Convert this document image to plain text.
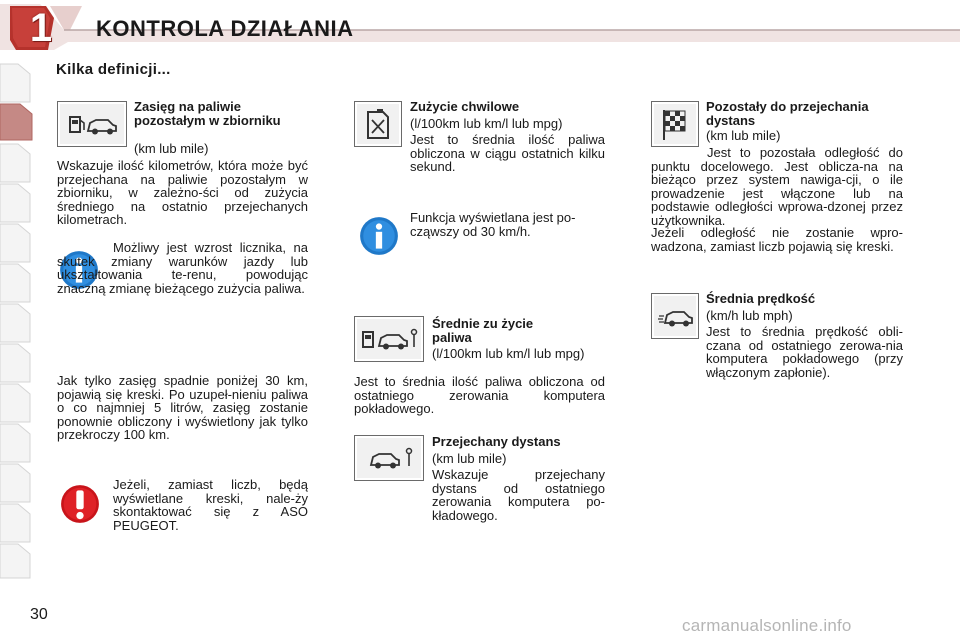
1 KONTROLA DZIAŁANIA
Kilka definicji...
Zasięg na paliwie pozostałym w zbiorniku
(km lub mile)
Wskazuje ilość kilometrów, która może być przejechana na paliwie pozostałym w zbiorniku, w zależno-ści od zużycia średniego na ostatnio przejechanych kilometrach.
Możliwy jest wzrost licznika, na skutek zmiany warunków jazdy lub ukształtowania te-renu, powodując znaczną zmianę bieżącego zużycia paliwa.
Jak tylko zasięg spadnie poniżej 30 km, pojawią się kreski. Po uzupeł-nieniu paliwa o co najmniej 5 litrów, zasięg zostanie ponownie obliczony i wyświetlony jak tylko przekroczy 100 km.
Jeżeli, zamiast liczb, będą wyświetlane kreski, nale-ży skontaktować się z ASO PEUGEOT.
Zużycie chwilowe
(l/100km lub km/l lub mpg)
Jest to średnia ilość paliwa obliczona w ciągu ostatnich kilku sekund.
Funkcja wyświetlana jest po-cząwszy od 30 km/h.
Średnie zu życie paliwa
(l/100km lub km/l lub mpg)
Jest to średnia ilość paliwa obliczona od ostatniego zerowania komputera pokładowego.
Przejechany dystans
(km lub mile)
Wskazuje przejechany dystans od ostatniego zerowania komputera po-kładowego.
Pozostały do przejechania dystans
(km lub mile)
Jest to pozostała odległość do punktu docelowego. Jest oblicza-na na bieżąco przez system nawiga-cji, o ile prowadzenie jest włączone lub na podstawie odległości wprowa-dzonej przez użytkownika.
Jeżeli odległość nie zostanie wpro-wadzona, zamiast liczb pojawią się kreski.
Średnia prędkość
(km/h lub mph)
Jest to średnia prędkość obli-czana od ostatniego zerowa-nia komputera pokładowego (przy włączonym zapłonie).
30
carmanualsonline.info
